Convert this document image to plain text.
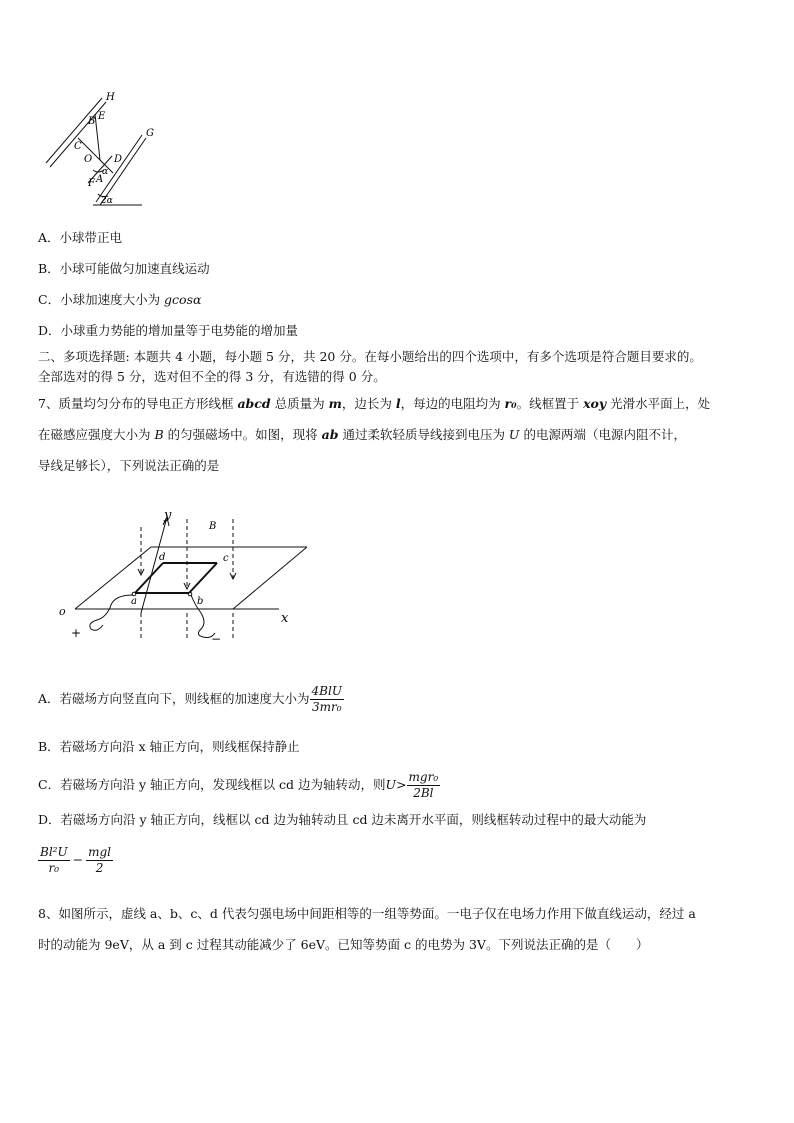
H
G
B E
C
O D
α
A
F
2α
A．小球带正电
B．小球可能做匀加速直线运动
C．小球加速度大小为 gcosα
D．小球重力势能的增加量等于电势能的增加量
二、多项选择题: 本题共 4 小题，每小题 5 分，共 20 分。在每小题给出的四个选项中，有多个选项是符合题目要求的。
全部选对的得 5 分，选对但不全的得 3 分，有选错的得 0 分。
7、质量均匀分布的导电正方形线框 abcd 总质量为 m，边长为 l，每边的电阻均为 r₀。线框置于 xoy 光滑水平面上，处
在磁感应强度大小为 B 的匀强磁场中。如图，现将 ab 通过柔软轻质导线接到电压为 U 的电源两端（电源内阻不计，
导线足够长），下列说法正确的是
y
B
d	c
a	b
o	x
+	−
A．若磁场方向竖直向下，则线框的加速度大小为 $\frac{\text{4BlU}}{\text{3mr₀}}$
B．若磁场方向沿 x 轴正方向，则线框保持静止
C．若磁场方向沿 y 轴正方向，发现线框以 cd 边为轴转动，则$U> \frac{\text{mgr₀}}{2Bl}$
D．若磁场方向沿 y 轴正方向，线框以 cd 边为轴转动且 cd 边未离开水平面，则线框转动过程中的最大动能为
$\frac{\text{Bl²U}}{\text{r₀}} - \frac{\text{mgl}}{2}$
8、如图所示，虚线 a、b、c、d 代表匀强电场中间距相等的一组等势面。一电子仅在电场力作用下做直线运动，经过 a
时的动能为 9eV，从 a 到 c 过程其动能减少了 6eV。已知等势面 c 的电势为 3V。下列说法正确的是（　　）
